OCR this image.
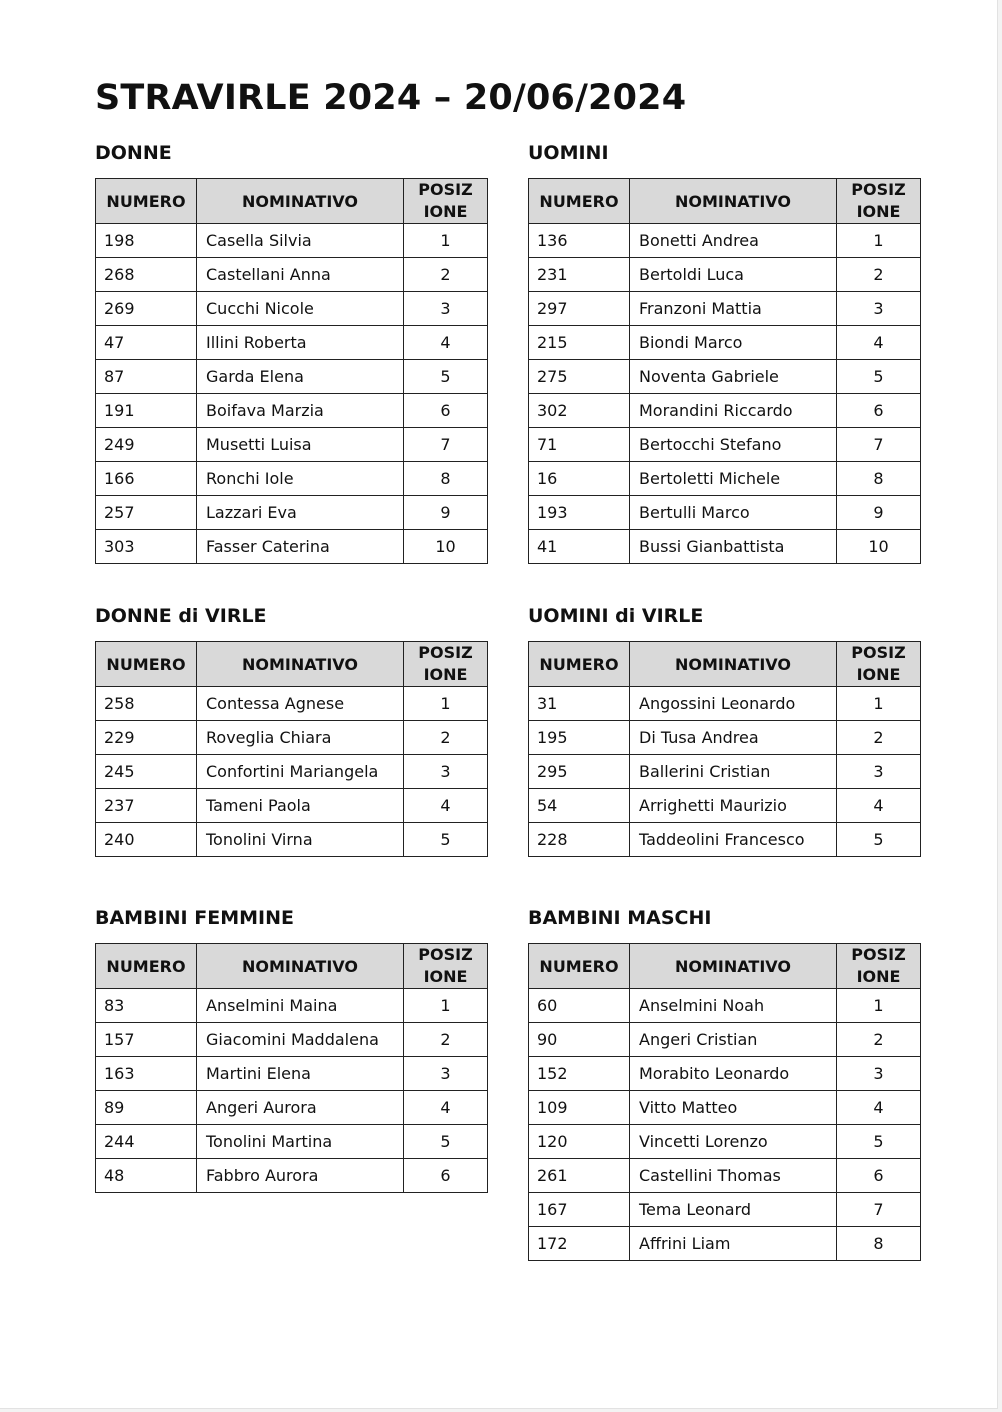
STRAVIRLE 2024 – 20/06/2024
DONNE
NUMERO	NOMINATIVO	POSIZIONE
198	Casella Silvia	1
268	Castellani Anna	2
269	Cucchi Nicole	3
47	Illini Roberta	4
87	Garda Elena	5
191	Boifava Marzia	6
249	Musetti Luisa	7
166	Ronchi Iole	8
257	Lazzari Eva	9
303	Fasser Caterina	10
UOMINI
NUMERO	NOMINATIVO	POSIZIONE
136	Bonetti Andrea	1
231	Bertoldi Luca	2
297	Franzoni Mattia	3
215	Biondi Marco	4
275	Noventa Gabriele	5
302	Morandini Riccardo	6
71	Bertocchi Stefano	7
16	Bertoletti Michele	8
193	Bertulli Marco	9
41	Bussi Gianbattista	10
DONNE di VIRLE
NUMERO	NOMINATIVO	POSIZIONE
258	Contessa Agnese	1
229	Roveglia Chiara	2
245	Confortini Mariangela	3
237	Tameni Paola	4
240	Tonolini Virna	5
UOMINI di VIRLE
NUMERO	NOMINATIVO	POSIZIONE
31	Angossini Leonardo	1
195	Di Tusa Andrea	2
295	Ballerini Cristian	3
54	Arrighetti Maurizio	4
228	Taddeolini Francesco	5
BAMBINI FEMMINE
NUMERO	NOMINATIVO	POSIZIONE
83	Anselmini Maina	1
157	Giacomini Maddalena	2
163	Martini Elena	3
89	Angeri Aurora	4
244	Tonolini Martina	5
48	Fabbro Aurora	6
BAMBINI MASCHI
NUMERO	NOMINATIVO	POSIZIONE
60	Anselmini Noah	1
90	Angeri Cristian	2
152	Morabito Leonardo	3
109	Vitto Matteo	4
120	Vincetti Lorenzo	5
261	Castellini Thomas	6
167	Tema Leonard	7
172	Affrini Liam	8
